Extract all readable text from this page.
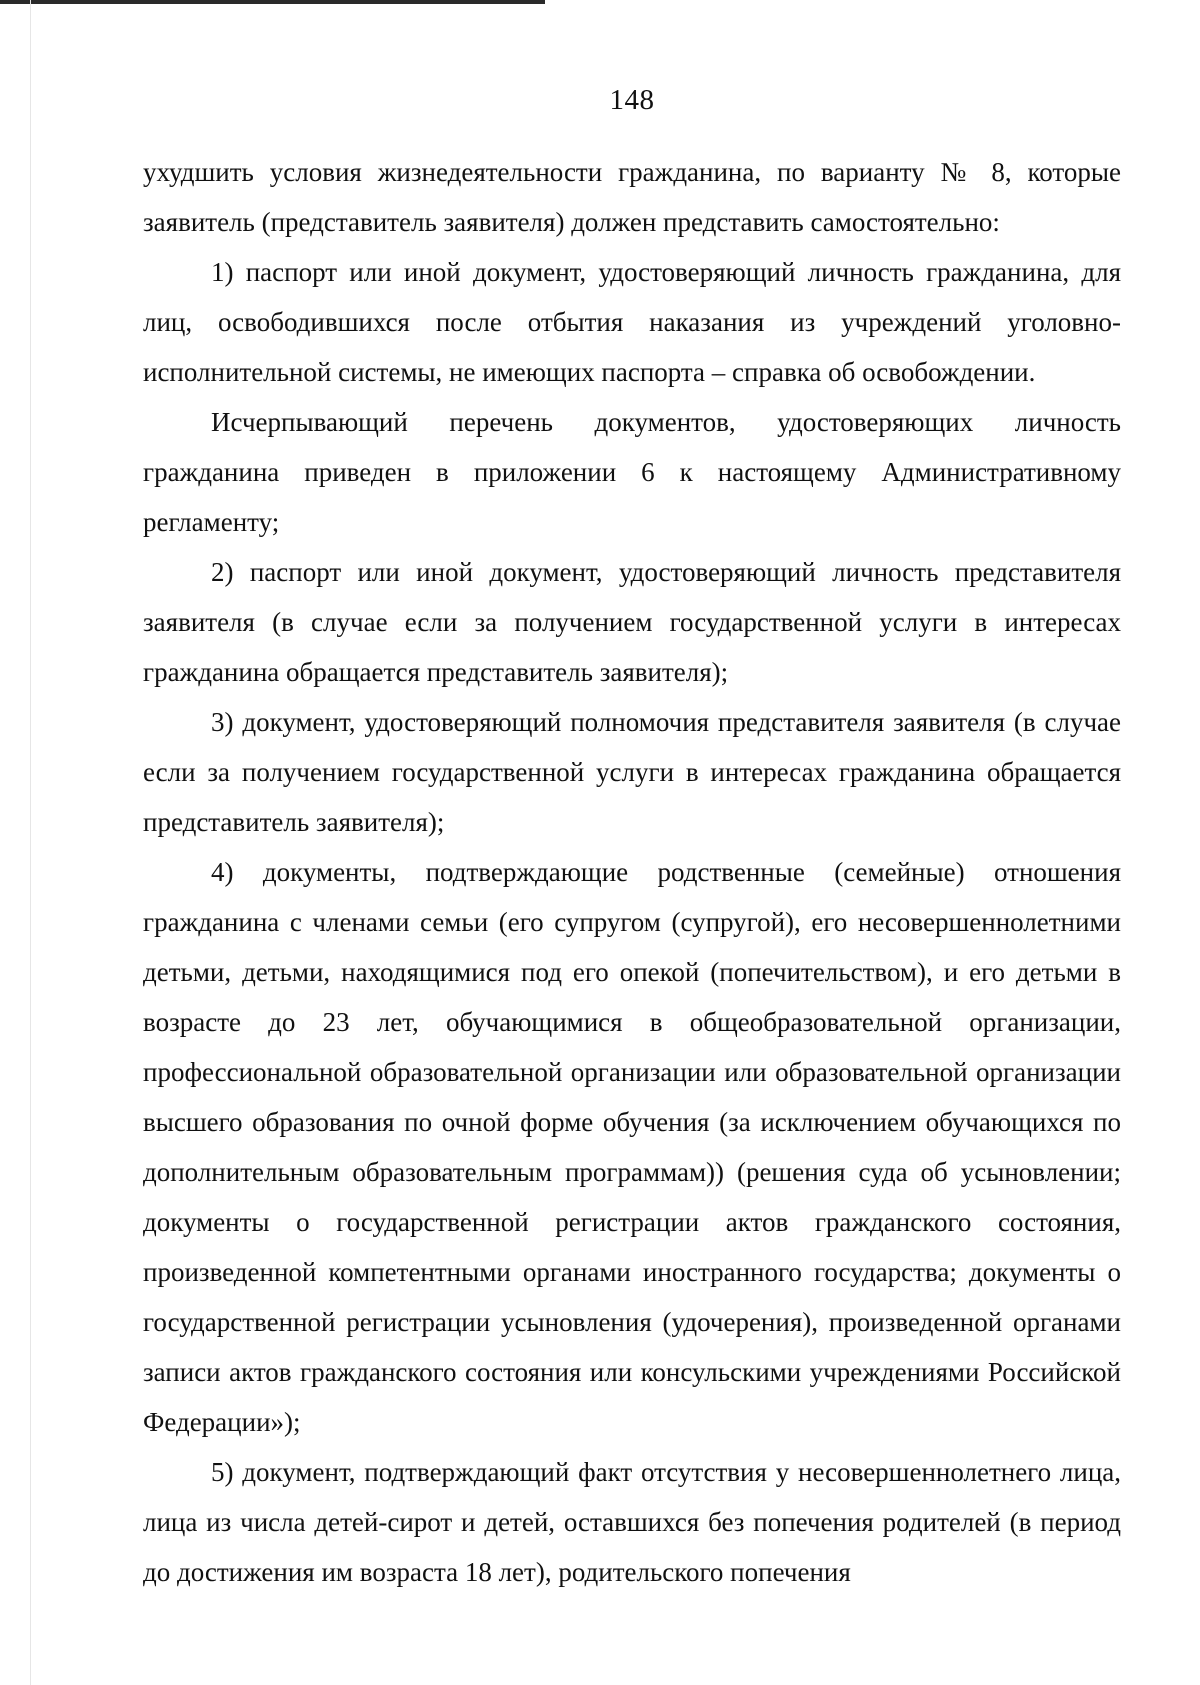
148

ухудшить условия жизнедеятельности гражданина, по варианту № 8, которые заявитель (представитель заявителя) должен представить самостоятельно:

1) паспорт или иной документ, удостоверяющий личность гражданина, для лиц, освободившихся после отбытия наказания из учреждений уголовно-исполнительной системы, не имеющих паспорта – справка об освобождении.

Исчерпывающий перечень документов, удостоверяющих личность гражданина приведен в приложении 6 к настоящему Административному регламенту;

2) паспорт или иной документ, удостоверяющий личность представителя заявителя (в случае если за получением государственной услуги в интересах гражданина обращается представитель заявителя);

3) документ, удостоверяющий полномочия представителя заявителя (в случае если за получением государственной услуги в интересах гражданина обращается представитель заявителя);

4) документы, подтверждающие родственные (семейные) отношения гражданина с членами семьи (его супругом (супругой), его несовершеннолетними детьми, детьми, находящимися под его опекой (попечительством), и его детьми в возрасте до 23 лет, обучающимися в общеобразовательной организации, профессиональной образовательной организации или образовательной организации высшего образования по очной форме обучения (за исключением обучающихся по дополнительным образовательным программам)) (решения суда об усыновлении; документы о государственной регистрации актов гражданского состояния, произведенной компетентными органами иностранного государства; документы о государственной регистрации усыновления (удочерения), произведенной органами записи актов гражданского состояния или консульскими учреждениями Российской Федерации»);

5) документ, подтверждающий факт отсутствия у несовершеннолетнего лица, лица из числа детей-сирот и детей, оставшихся без попечения родителей (в период до достижения им возраста 18 лет), родительского попечения
